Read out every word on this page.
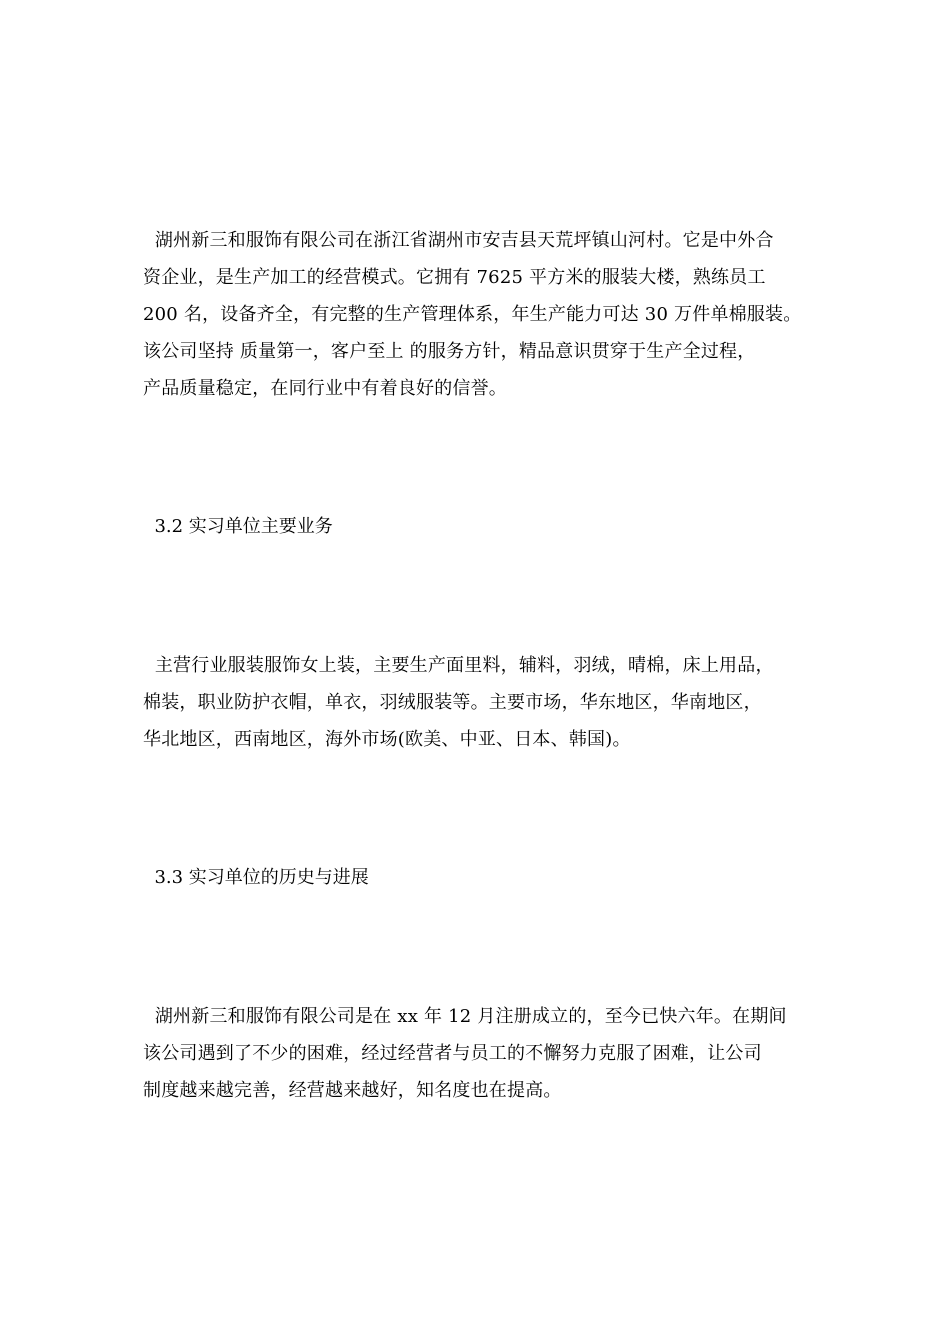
湖州新三和服饰有限公司在浙江省湖州市安吉县天荒坪镇山河村。它是中外合
资企业，是生产加工的经营模式。它拥有 7625 平方米的服装大楼，熟练员工
200 名，设备齐全，有完整的生产管理体系，年生产能力可达 30 万件单棉服装。
该公司坚持 质量第一，客户至上 的服务方针，精品意识贯穿于生产全过程，
产品质量稳定，在同行业中有着良好的信誉。
3.2 实习单位主要业务
主营行业服装服饰女上装，主要生产面里料，辅料，羽绒，晴棉，床上用品，
棉装，职业防护衣帽，单衣，羽绒服装等。主要市场，华东地区，华南地区，
华北地区，西南地区，海外市场(欧美、中亚、日本、韩国)。
3.3 实习单位的历史与进展
湖州新三和服饰有限公司是在 xx 年 12 月注册成立的，至今已快六年。在期间
该公司遇到了不少的困难，经过经营者与员工的不懈努力克服了困难，让公司
制度越来越完善，经营越来越好，知名度也在提高。
